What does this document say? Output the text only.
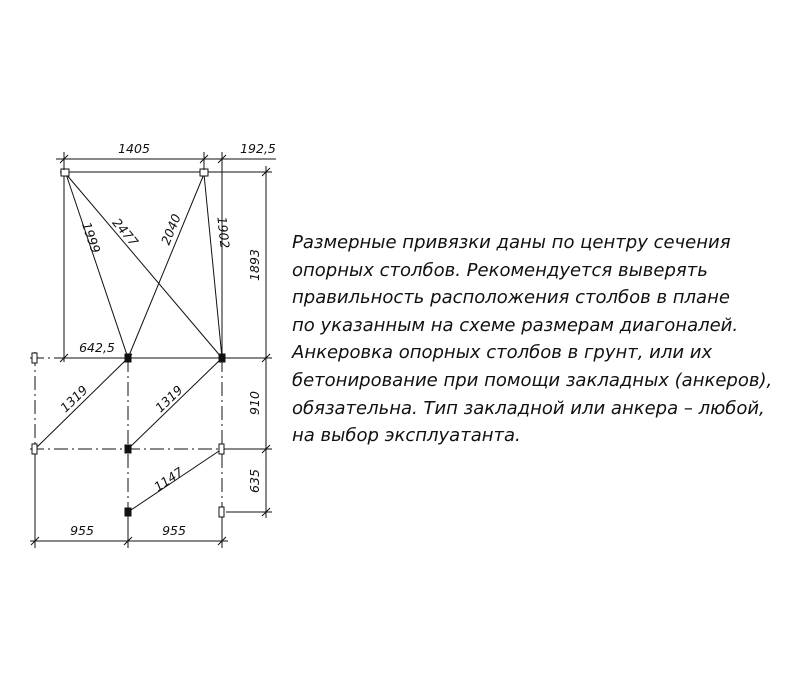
1405	192,5
1893
910
635
955	955
642,5
1999 2477 2040 1902
1319	1319
1147
Размерные привязки даны по центру сечения
опорных столбов. Рекомендуется выверять
правильность расположения столбов в плане
по указанным на схеме размерам диагоналей.
Анкеровка опорных столбов в грунт, или их
бетонирование при помощи закладных (анкеров),
обязательна. Тип закладной или анкера – любой,
на выбор эксплуатанта.
